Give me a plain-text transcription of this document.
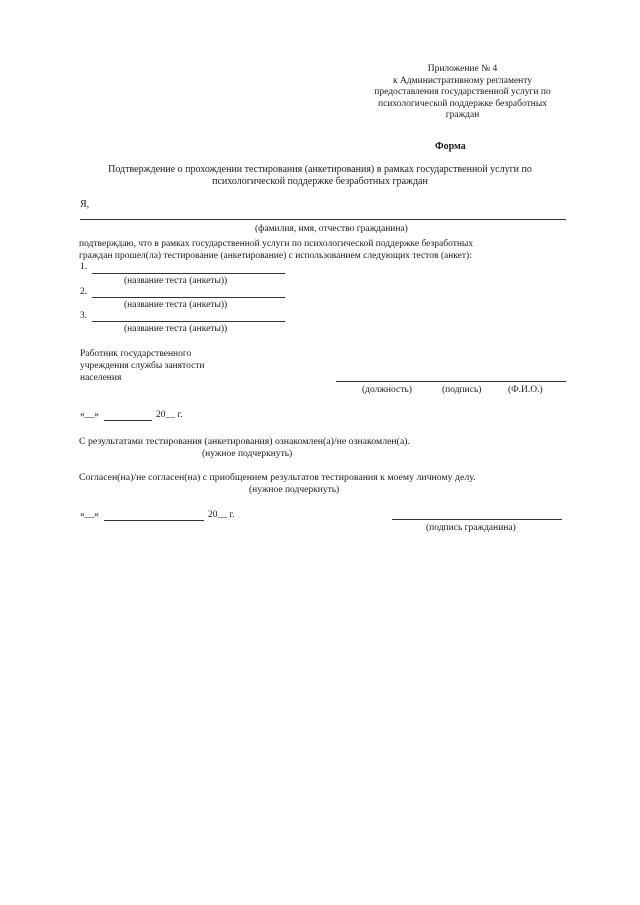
Приложение № 4
к Административному регламенту
предоставления государственной услуги по
психологической поддержке безработных
граждан
Форма
Подтверждение о прохождении тестирования (анкетирования) в рамках государственной услуги по
психологической поддержке безработных граждан
Я,
(фамилия, имя, отчество гражданина)
подтверждаю, что в рамках государственной услуги по психологической поддержке безработных
граждан прошел(ла) тестирование (анкетирование) с использованием следующих тестов (анкет):
1.
(название теста (анкеты))
2.
(название теста (анкеты))
3.
(название теста (анкеты))
Работник государственного
учреждения службы занятости
населения
(должность)	(подпись)	(Ф.И.О.)
«__»	20__ г.
С результатами тестирования (анкетирования) ознакомлен(а)/не ознакомлен(а).
(нужное подчеркнуть)
Согласен(на)/не согласен(на) с приобщением результатов тестирования к моему личному делу.
(нужное подчеркнуть)
«__»	20__ г.
(подпись гражданина)
